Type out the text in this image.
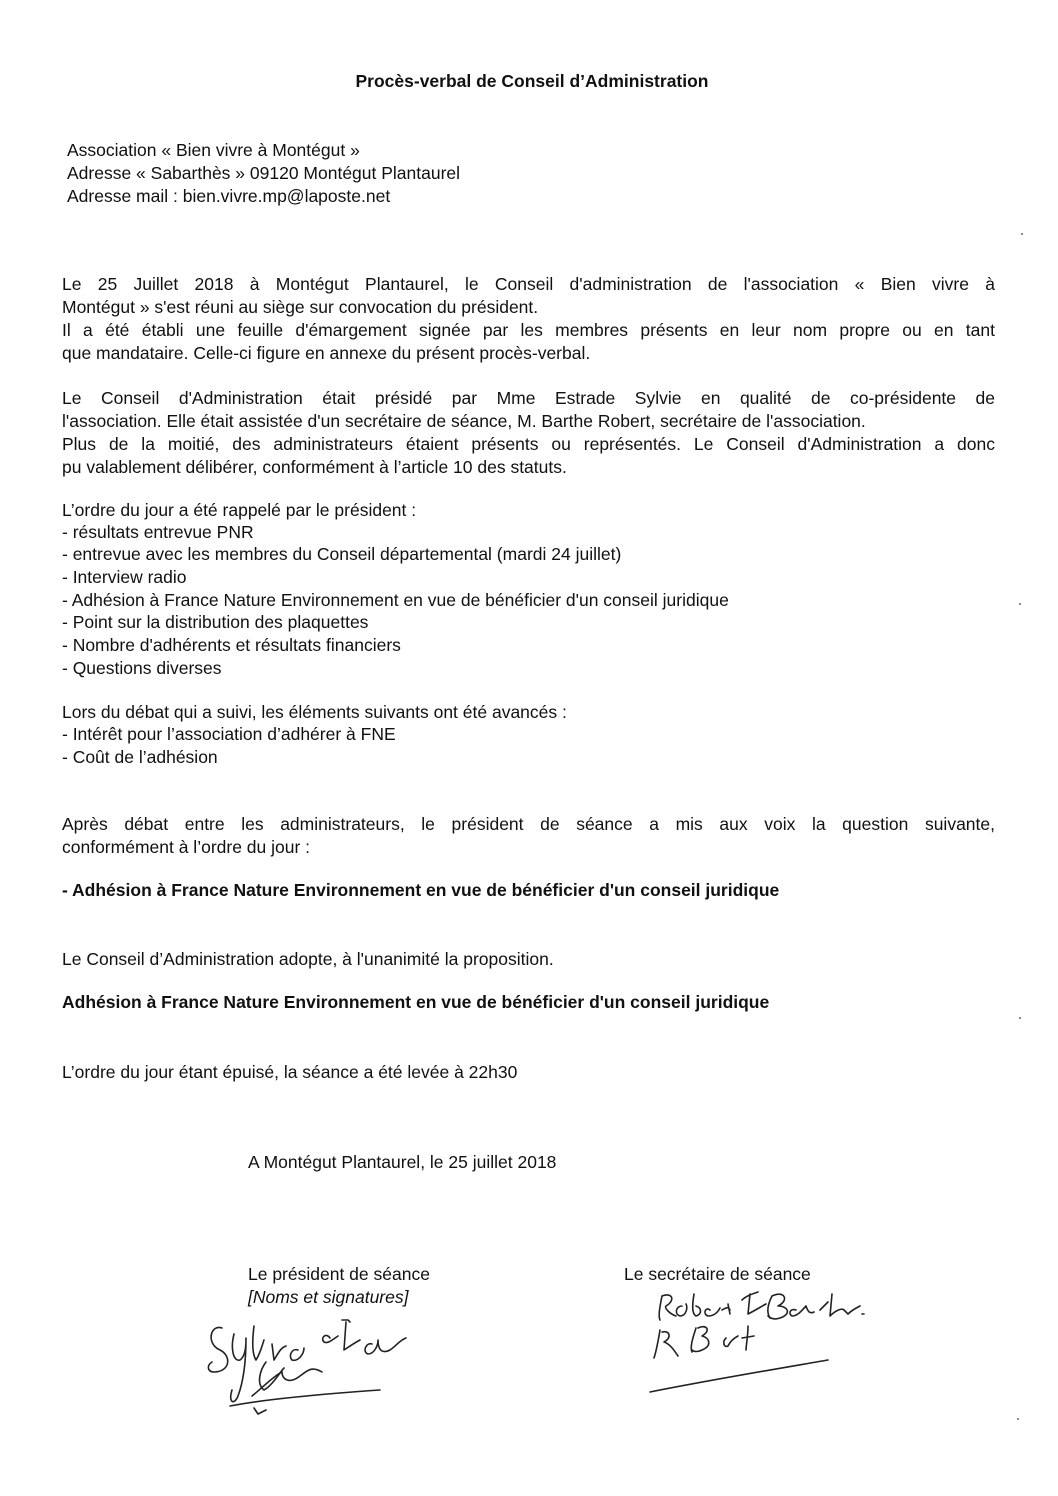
Procès-verbal de Conseil d’Administration
Association « Bien vivre à Montégut »
Adresse « Sabarthès » 09120 Montégut Plantaurel
Adresse mail : bien.vivre.mp@laposte.net
Le 25 Juillet 2018 à Montégut Plantaurel, le Conseil d'administration de l'association « Bien vivre à
Montégut » s'est réuni au siège sur convocation du président.
Il a été établi une feuille d'émargement signée par les membres présents en leur nom propre ou en tant
que mandataire. Celle-ci figure en annexe du présent procès-verbal.
Le Conseil d'Administration était présidé par Mme Estrade Sylvie en qualité de co-présidente de
l'association. Elle était assistée d'un secrétaire de séance, M. Barthe Robert, secrétaire de l'association.
Plus de la moitié, des administrateurs étaient présents ou représentés. Le Conseil d'Administration a donc
pu valablement délibérer, conformément à l’article 10 des statuts.
L’ordre du jour a été rappelé par le président :
- résultats entrevue PNR
- entrevue avec les membres du Conseil départemental (mardi 24 juillet)
- Interview radio
- Adhésion à France Nature Environnement en vue de bénéficier d'un conseil juridique
- Point sur la distribution des plaquettes
- Nombre d'adhérents et résultats financiers
- Questions diverses
Lors du débat qui a suivi, les éléments suivants ont été avancés :
- Intérêt pour l’association d’adhérer à FNE
- Coût de l’adhésion
Après débat entre les administrateurs, le président de séance a mis aux voix la question suivante,
conformément à l’ordre du jour :
- Adhésion à France Nature Environnement en vue de bénéficier d'un conseil juridique
Le Conseil d’Administration adopte, à l'unanimité la proposition.
Adhésion à France Nature Environnement en vue de bénéficier d'un conseil juridique
L’ordre du jour étant épuisé, la séance a été levée à 22h30
A Montégut Plantaurel, le 25 juillet 2018
Le président de séance
[Noms et signatures]
Le secrétaire de séance
